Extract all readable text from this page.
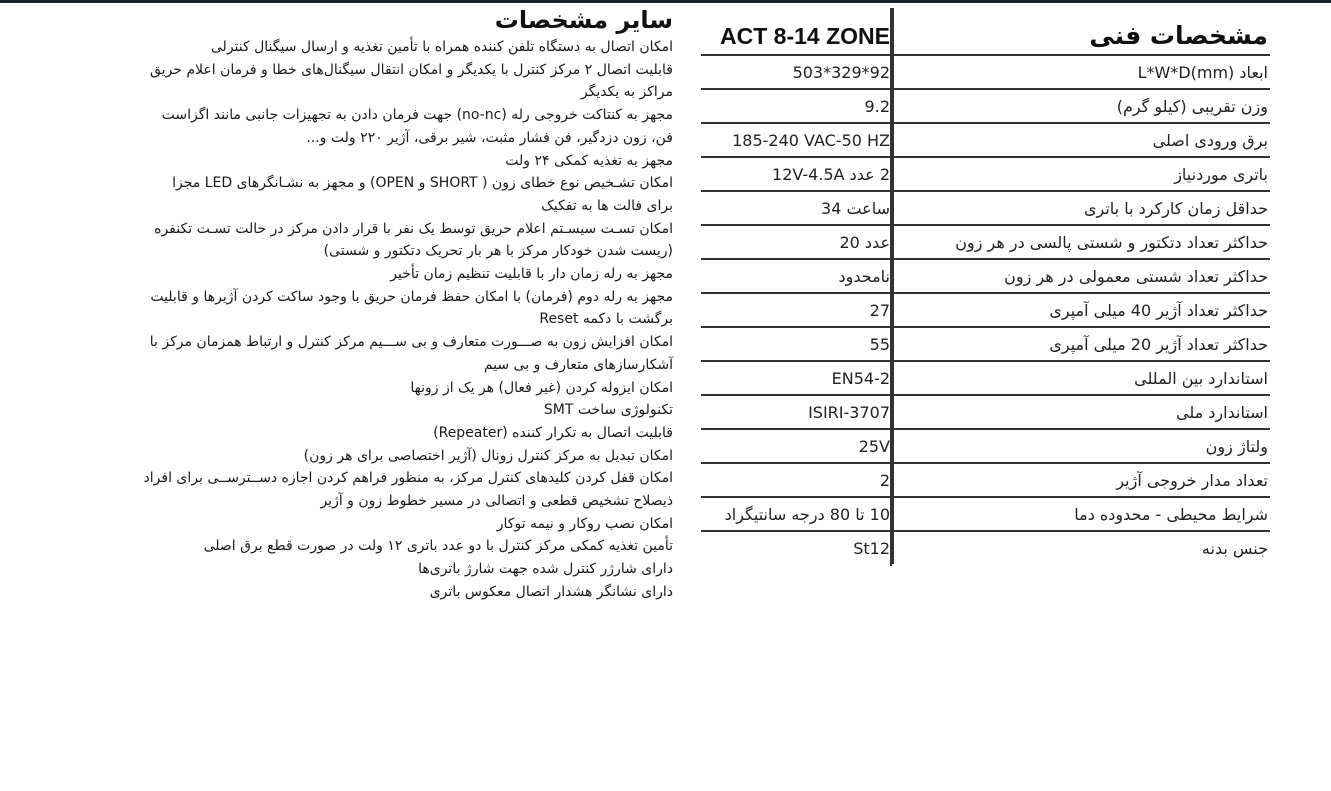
سایر مشخصات
امکان اتصال به دستگاه تلفن کننده همراه با تأمین تغذیه و ارسال سیگنال کنترلی
قابلیت اتصال ۲ مرکز کنترل با یکدیگر و امکان انتقال سیگنال‌های خطا و فرمان اعلام حریق
مراکز به یکدیگر
مجهز به کنتاکت خروجی رله (no-nc) جهت فرمان دادن به تجهیزات جانبی مانند اگزاست
فن، زون دزدگیر، فن فشار مثبت، شیر برقی، آژیر ۲۲۰ ولت و...
مجهز به تغذیه کمکی ۲۴ ولت
امکان تشـخیص نوع خطای زون ( SHORT و OPEN) و مجهز به نشـانگرهای LED مجزا
برای فالت ها به تفکیک
امکان تسـت سیسـتم اعلام حریق توسط یک نفر با قرار دادن مرکز در حالت تسـت تکنفره
(ریست شدن خودکار مرکز با هر بار تحریک دتکتور و شستی)
مجهز به رله زمان دار با قابلیت تنظیم زمان تأخیر
مجهز به رله دوم (فرمان) با امکان حفظ فرمان حریق با وجود ساکت کردن آژیرها و قابلیت
برگشت با دکمه Reset
امکان افزایش زون به صـــورت متعارف و بی ســـیم مرکز کنترل و ارتباط همزمان مرکز با
آشکارسازهای متعارف و بی سیم
امکان ایزوله کردن (غیر فعال) هر یک از زونها
تکنولوژی ساخت SMT
قابلیت اتصال به تکرار کننده (Repeater)
امکان تبدیل به مرکز کنترل زونال (آژیر اختصاصی برای هر زون)
امکان قفل کردن کلیدهای کنترل مرکز، به منظور فراهم کردن اجازه دســترســی برای افراد
ذیصلاح تشخیص قطعی و اتصالی در مسیر خطوط زون و آژیر
امکان نصب روکار و نیمه توکار
تأمین تغذیه کمکی مرکز کنترل با دو عدد باتری ۱۲ ولت در صورت قطع برق اصلی
دارای شارژر کنترل شده جهت شارژ باتری‌ها
دارای نشانگر هشدار اتصال معکوس باتری
مشخصات فنی
ACT 8-14 ZONE
ابعاد (L*W*D(mm
503*329*92
وزن تقریبی (کیلو گرم)
9.2
برق ورودی اصلی
185-240 VAC-50 HZ
باتری موردنیاز
2 عدد 12V-4.5A
حداقل زمان کارکرد با باتری
ساعت 34
حداکثر تعداد دتکتور و شستی پالسی در هر زون
عدد 20
حداکثر تعداد شستی معمولی در هر زون
نامحدود
حداکثر تعداد آژیر 40 میلی آمپری
27
حداکثر تعداد آژیر 20 میلی آمپری
55
استاندارد بین المللی
EN54-2
استاندارد ملی
ISIRI-3707
ولتاژ زون
25V
تعداد مدار خروجی آژیر
2
شرایط محیطی - محدوده دما
10 تا 80 درجه سانتیگراد
جنس بدنه
St12
